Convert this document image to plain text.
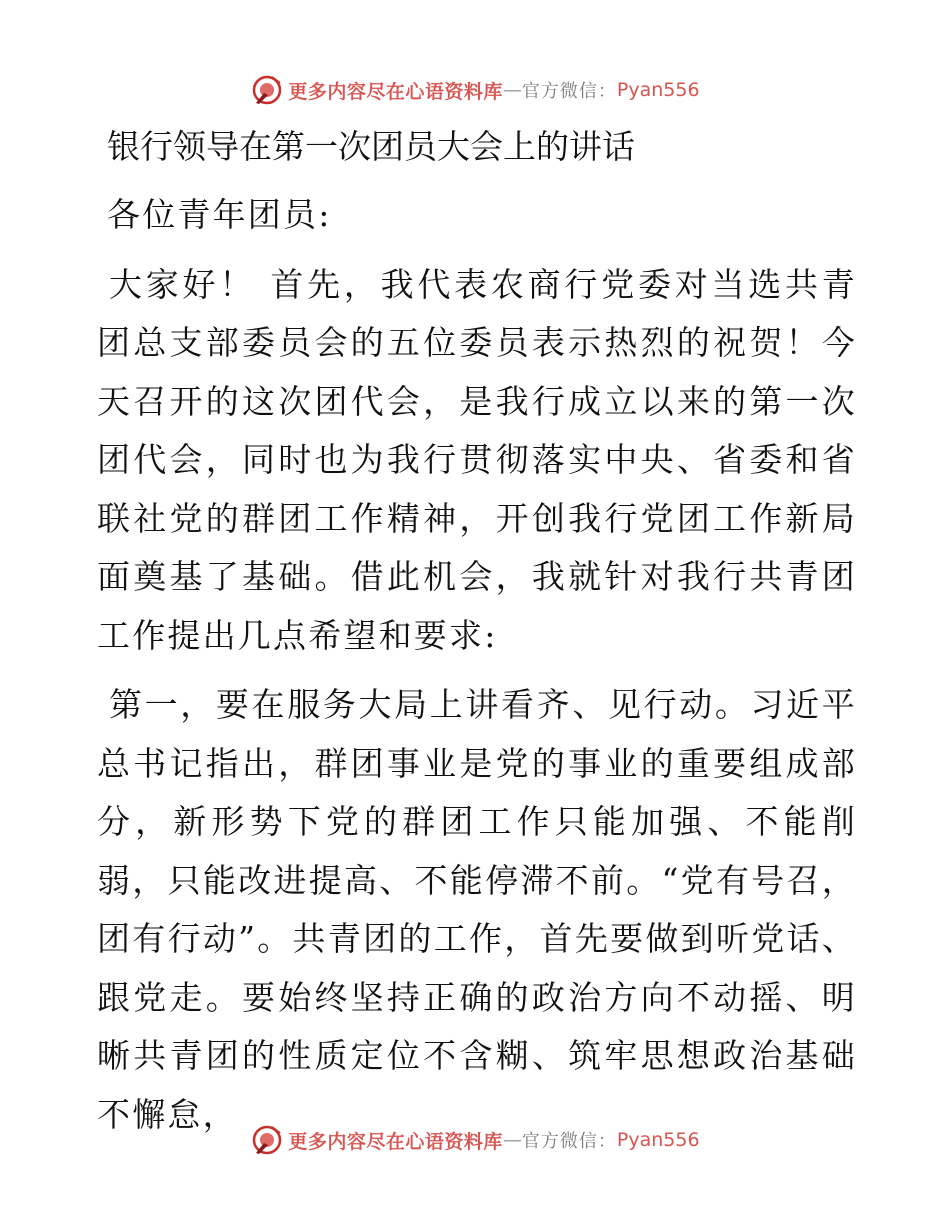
更多内容尽在心语资料库 — 官方微信： Pyan556
银行领导在第一次团员大会上的讲话

各位青年团员:

大家好！ 首先，我代表农商行党委对当选共青团总支部委员会的五位委员表示热烈的祝贺！今天召开的这次团代会，是我行成立以来的第一次团代会，同时也为我行贯彻落实中央、省委和省联社党的群团工作精神，开创我行党团工作新局面奠基了基础。借此机会，我就针对我行共青团工作提出几点希望和要求:

第一，要在服务大局上讲看齐、见行动。习近平总书记指出，群团事业是党的事业的重要组成部分，新形势下党的群团工作只能加强、不能削弱，只能改进提高、不能停滞不前。“党有号召，团有行动”。共青团的工作，首先要做到听党话、跟党走。要始终坚持正确的政治方向不动摇、明晰共青团的性质定位不含糊、筑牢思想政治基础不懈怠，

更多内容尽在心语资料库 — 官方微信： Pyan556
